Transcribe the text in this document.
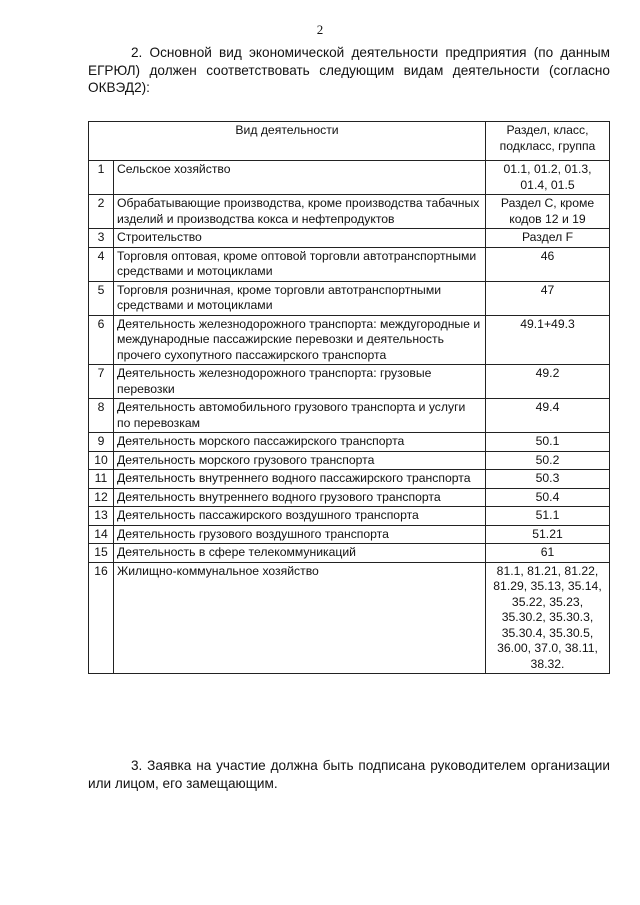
2

2. Основной вид экономической деятельности предприятия (по данным ЕГРЮЛ) должен соответствовать следующим видам деятельности (согласно ОКВЭД2):

Вид деятельности		Раздел, класс, подкласс, группа
1	Сельское хозяйство	01.1, 01.2, 01.3, 01.4, 01.5
2	Обрабатывающие производства, кроме производства табачных изделий и производства кокса и нефтепродуктов	Раздел C, кроме кодов 12 и 19
3	Строительство	Раздел F
4	Торговля оптовая, кроме оптовой торговли автотранспортными средствами и мотоциклами	46
5	Торговля розничная, кроме торговли автотранспортными средствами и мотоциклами	47
6	Деятельность железнодорожного транспорта: междугородные и международные пассажирские перевозки и деятельность прочего сухопутного пассажирского транспорта	49.1+49.3
7	Деятельность железнодорожного транспорта: грузовые перевозки	49.2
8	Деятельность автомобильного грузового транспорта и услуги по перевозкам	49.4
9	Деятельность морского пассажирского транспорта	50.1
10	Деятельность морского грузового транспорта	50.2
11	Деятельность внутреннего водного пассажирского транспорта	50.3
12	Деятельность внутреннего водного грузового транспорта	50.4
13	Деятельность пассажирского воздушного транспорта	51.1
14	Деятельность грузового воздушного транспорта	51.21
15	Деятельность в сфере телекоммуникаций	61
16	Жилищно-коммунальное хозяйство	81.1, 81.21, 81.22, 81.29, 35.13, 35.14, 35.22, 35.23, 35.30.2, 35.30.3, 35.30.4, 35.30.5, 36.00, 37.0, 38.11, 38.32.

3. Заявка на участие должна быть подписана руководителем организации или лицом, его замещающим.
